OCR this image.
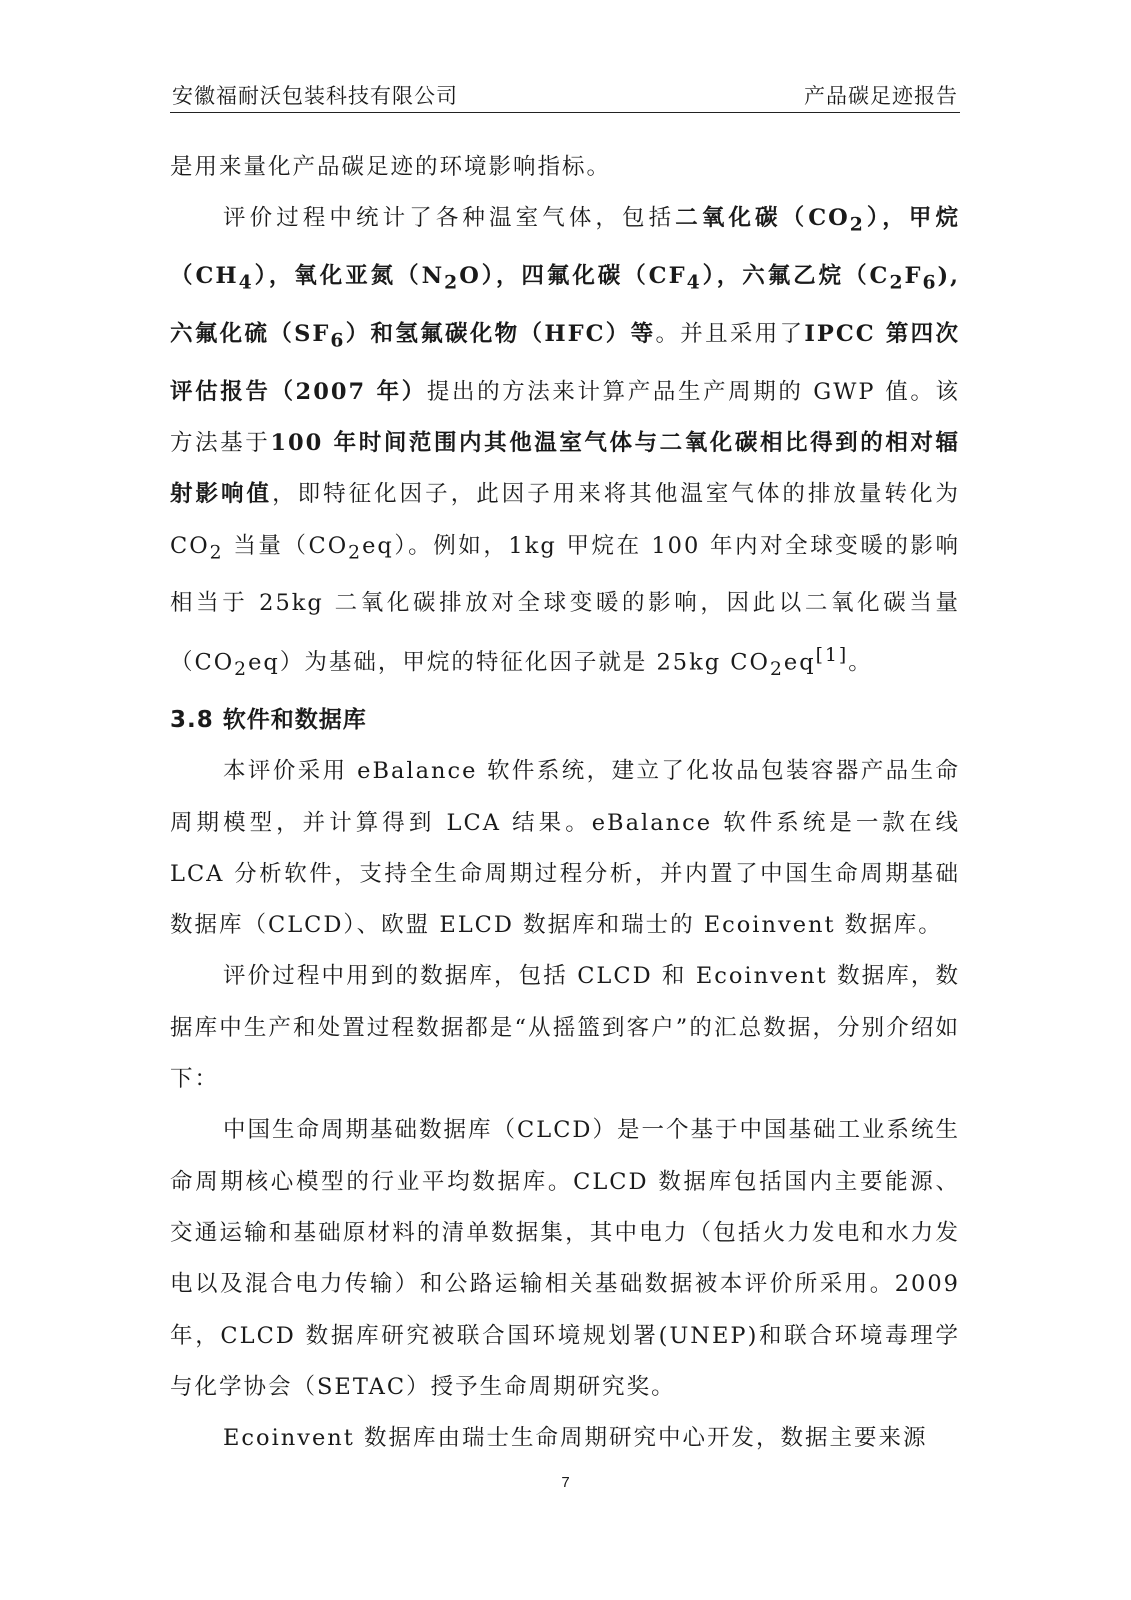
安徽福耐沃包装科技有限公司	产品碳足迹报告

是用来量化产品碳足迹的环境影响指标。

评价过程中统计了各种温室气体，包括二氧化碳$(CO_2)$，甲烷$(CH_4)$，氧化亚氮$(N_2O)$，四氟化碳$(CF_4)$，六氟乙烷$(C_2F_6)$, 六氟化硫$(SF_6)$和氢氟碳化物（HFC）等。并且采用了IPCC 第四次评估报告（2007 年）提出的方法来计算产品生产周期的 GWP 值。该方法基于100 年时间范围内其他温室气体与二氧化碳相比得到的相对辐射影响值，即特征化因子，此因子用来将其他温室气体的排放量转化为 $CO_2$ 当量$(CO_2eq)$。例如，1kg 甲烷在 100 年内对全球变暖的影响相当于 25kg 二氧化碳排放对全球变暖的影响，因此以二氧化碳当量$(CO_2eq)$为基础，甲烷的特征化因子就是 25kg $CO_2eq[1]$。

3.8 软件和数据库

本评价采用 eBalance 软件系统，建立了化妆品包装容器产品生命周期模型，并计算得到 LCA 结果。eBalance 软件系统是一款在线 LCA 分析软件，支持全生命周期过程分析，并内置了中国生命周期基础数据库（CLCD）、欧盟 ELCD 数据库和瑞士的 Ecoinvent 数据库。

评价过程中用到的数据库，包括 CLCD 和 Ecoinvent 数据库，数据库中生产和处置过程数据都是“从摇篮到客户”的汇总数据，分别介绍如下：

中国生命周期基础数据库（CLCD）是一个基于中国基础工业系统生命周期核心模型的行业平均数据库。CLCD 数据库包括国内主要能源、交通运输和基础原材料的清单数据集，其中电力（包括火力发电和水力发电以及混合电力传输）和公路运输相关基础数据被本评价所采用。2009 年，CLCD 数据库研究被联合国环境规划署(UNEP)和联合环境毒理学与化学协会（SETAC）授予生命周期研究奖。

Ecoinvent 数据库由瑞士生命周期研究中心开发，数据主要来源

7
